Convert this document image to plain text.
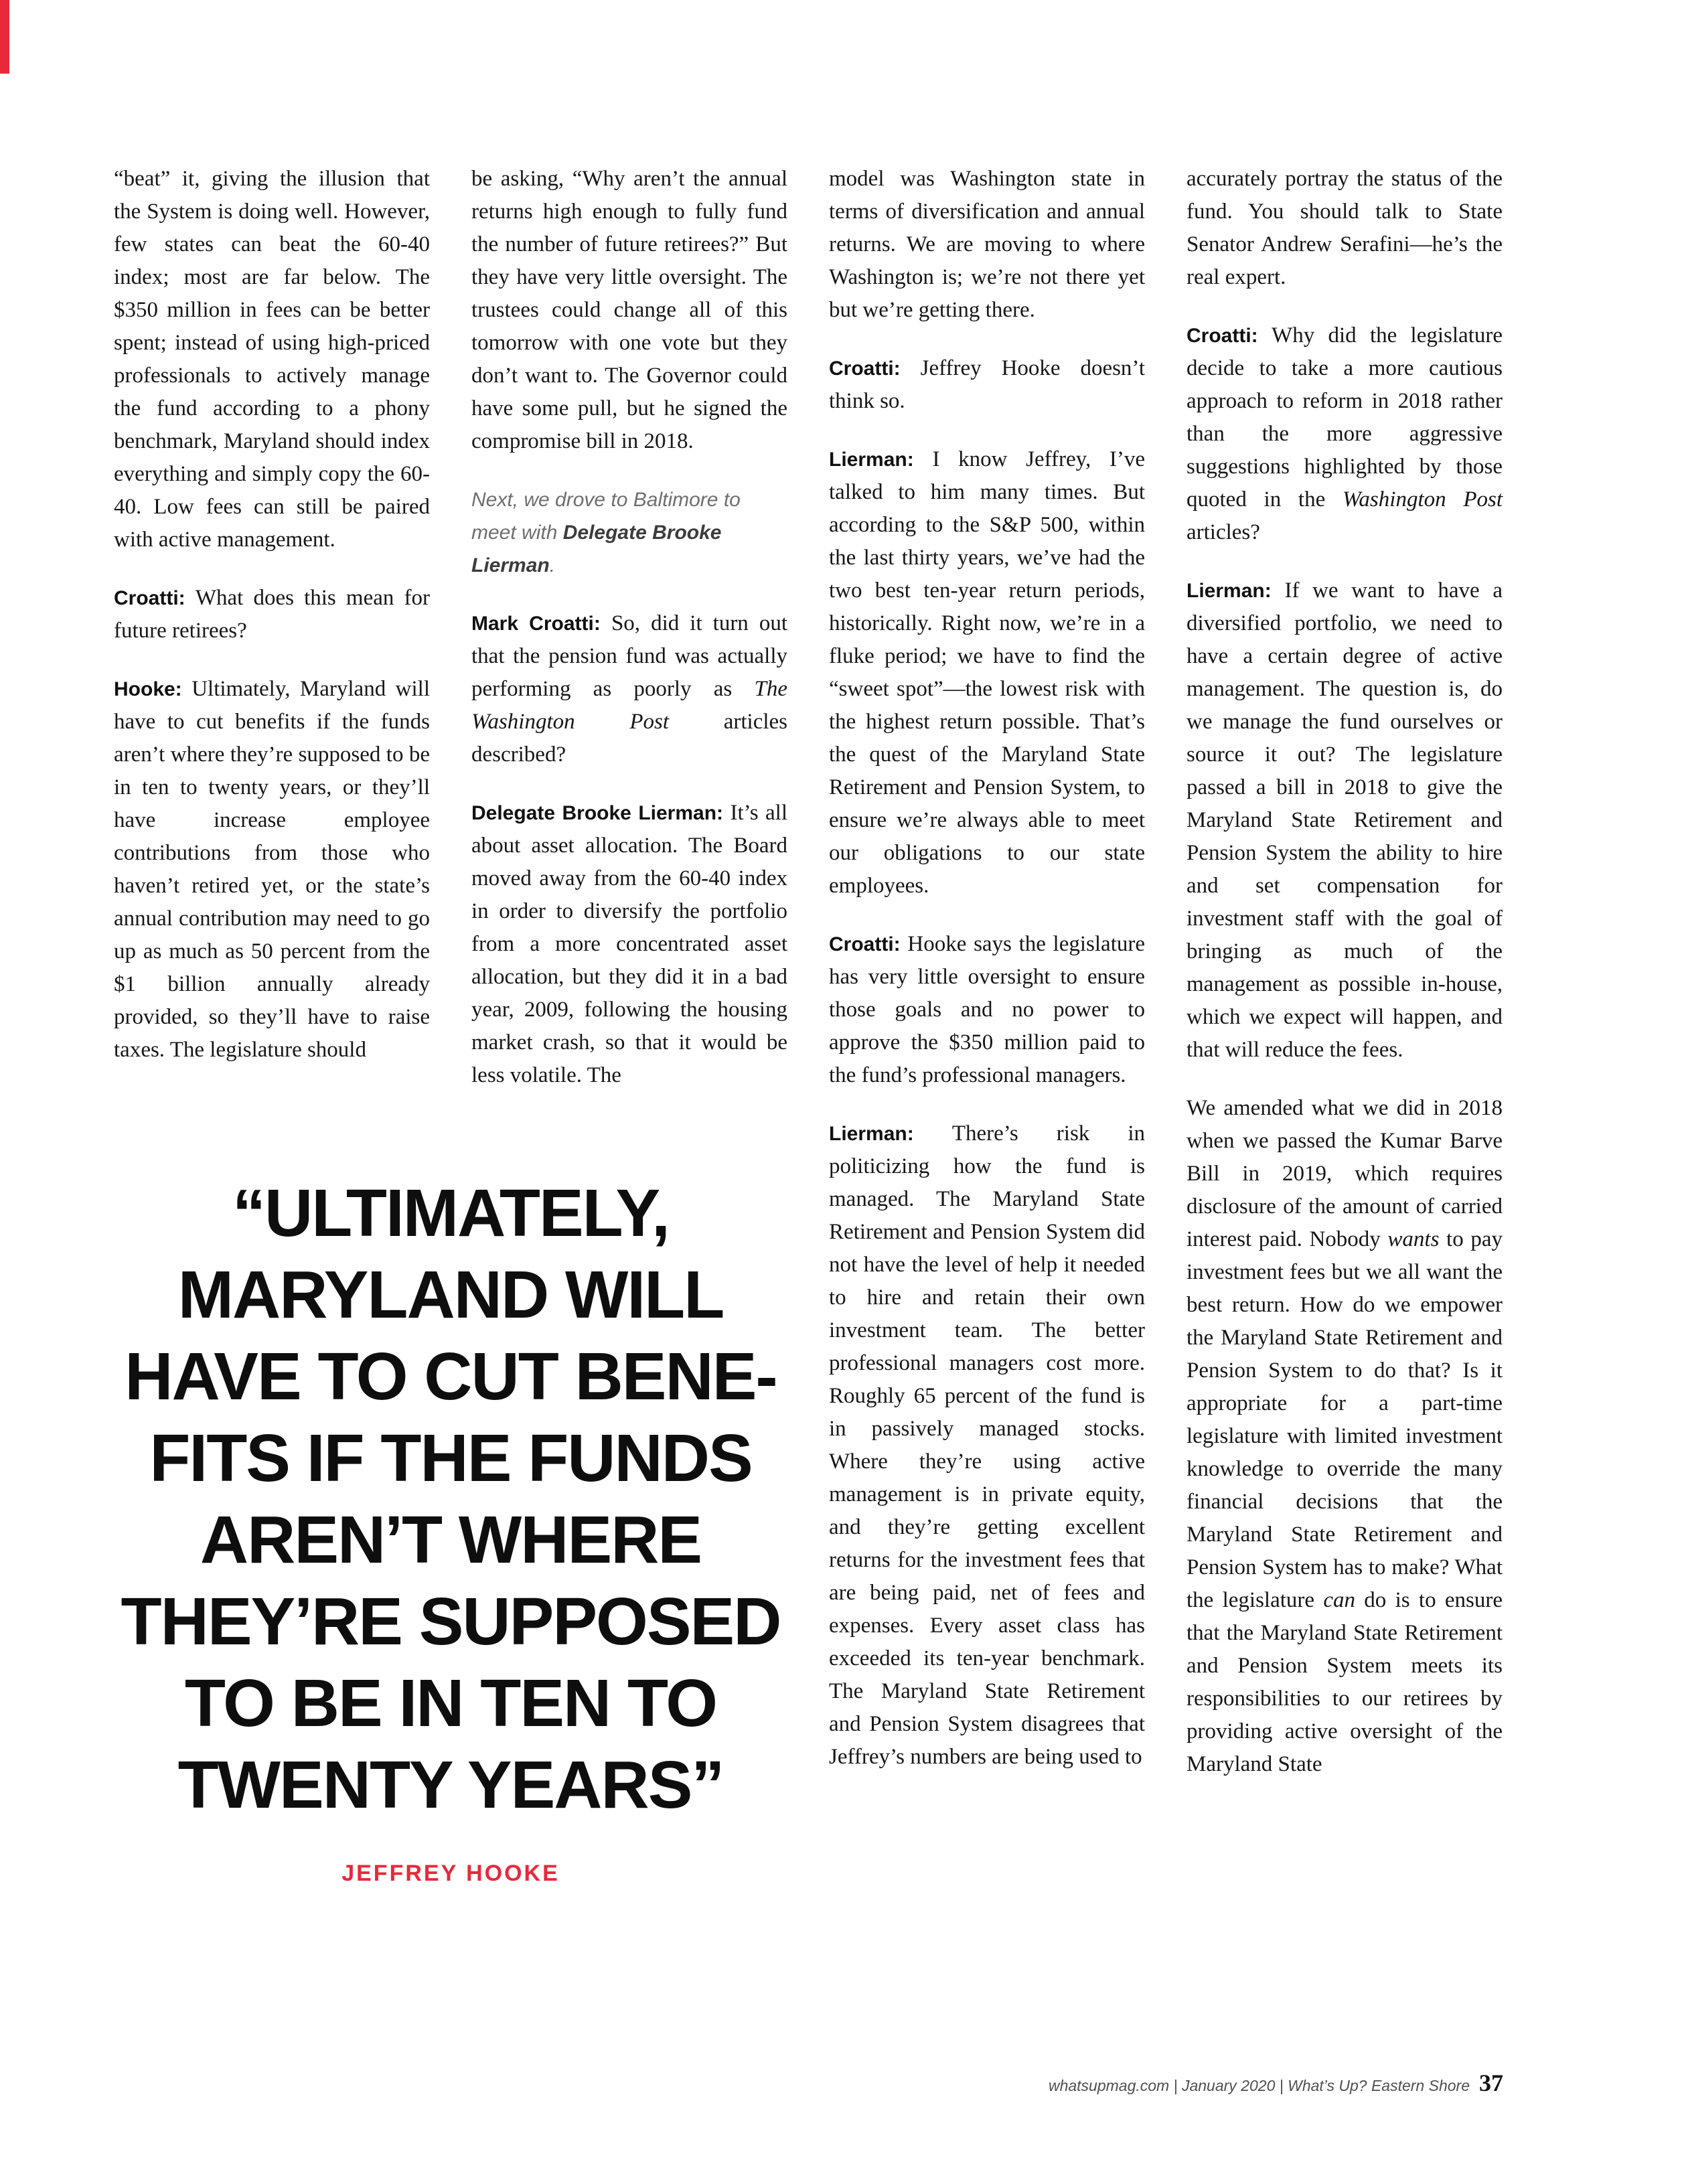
“beat” it, giving the illusion that the System is doing well. However, few states can beat the 60-40 index; most are far below. The $350 million in fees can be better spent; instead of using high-priced professionals to actively manage the fund according to a phony benchmark, Maryland should index everything and simply copy the 60-40. Low fees can still be paired with active management.

Croatti: What does this mean for future retirees?

Hooke: Ultimately, Maryland will have to cut benefits if the funds aren’t where they’re supposed to be in ten to twenty years, or they’ll have increase employee contributions from those who haven’t retired yet, or the state’s annual contribution may need to go up as much as 50 percent from the $1 billion annually already provided, so they’ll have to raise taxes. The legislature should

be asking, “Why aren’t the annual returns high enough to fully fund the number of future retirees?” But they have very little oversight. The trustees could change all of this tomorrow with one vote but they don’t want to. The Governor could have some pull, but he signed the compromise bill in 2018.

Next, we drove to Baltimore to meet with Delegate Brooke Lierman.

Mark Croatti: So, did it turn out that the pension fund was actually performing as poorly as The Washington Post articles described?

Delegate Brooke Lierman: It’s all about asset allocation. The Board moved away from the 60-40 index in order to diversify the portfolio from a more concentrated asset allocation, but they did it in a bad year, 2009, following the housing market crash, so that it would be less volatile. The

“ULTIMATELY,
MARYLAND WILL
HAVE TO CUT BENE-
FITS IF THE FUNDS
AREN’T WHERE
THEY’RE SUPPOSED
TO BE IN TEN TO
TWENTY YEARS”
JEFFREY HOOKE

model was Washington state in terms of diversification and annual returns. We are moving to where Washington is; we’re not there yet but we’re getting there.

Croatti: Jeffrey Hooke doesn’t think so.

Lierman: I know Jeffrey, I’ve talked to him many times. But according to the S&P 500, within the last thirty years, we’ve had the two best ten-year return periods, historically. Right now, we’re in a fluke period; we have to find the “sweet spot”—the lowest risk with the highest return possible. That’s the quest of the Maryland State Retirement and Pension System, to ensure we’re always able to meet our obligations to our state employees.

Croatti: Hooke says the legislature has very little oversight to ensure those goals and no power to approve the $350 million paid to the fund’s professional managers.

Lierman: There’s risk in politicizing how the fund is managed. The Maryland State Retirement and Pension System did not have the level of help it needed to hire and retain their own investment team. The better professional managers cost more. Roughly 65 percent of the fund is in passively managed stocks. Where they’re using active management is in private equity, and they’re getting excellent returns for the investment fees that are being paid, net of fees and expenses. Every asset class has exceeded its ten-year benchmark. The Maryland State Retirement and Pension System disagrees that Jeffrey’s numbers are being used to

accurately portray the status of the fund. You should talk to State Senator Andrew Serafini—he’s the real expert.

Croatti: Why did the legislature decide to take a more cautious approach to reform in 2018 rather than the more aggressive suggestions highlighted by those quoted in the Washington Post articles?

Lierman: If we want to have a diversified portfolio, we need to have a certain degree of active management. The question is, do we manage the fund ourselves or source it out? The legislature passed a bill in 2018 to give the Maryland State Retirement and Pension System the ability to hire and set compensation for investment staff with the goal of bringing as much of the management as possible in-house, which we expect will happen, and that will reduce the fees.

We amended what we did in 2018 when we passed the Kumar Barve Bill in 2019, which requires disclosure of the amount of carried interest paid. Nobody wants to pay investment fees but we all want the best return. How do we empower the Maryland State Retirement and Pension System to do that? Is it appropriate for a part-time legislature with limited investment knowledge to override the many financial decisions that the Maryland State Retirement and Pension System has to make? What the legislature can do is to ensure that the Maryland State Retirement and Pension System meets its responsibilities to our retirees by providing active oversight of the Maryland State

whatsupmag.com | January 2020 | What’s Up? Eastern Shore 37
